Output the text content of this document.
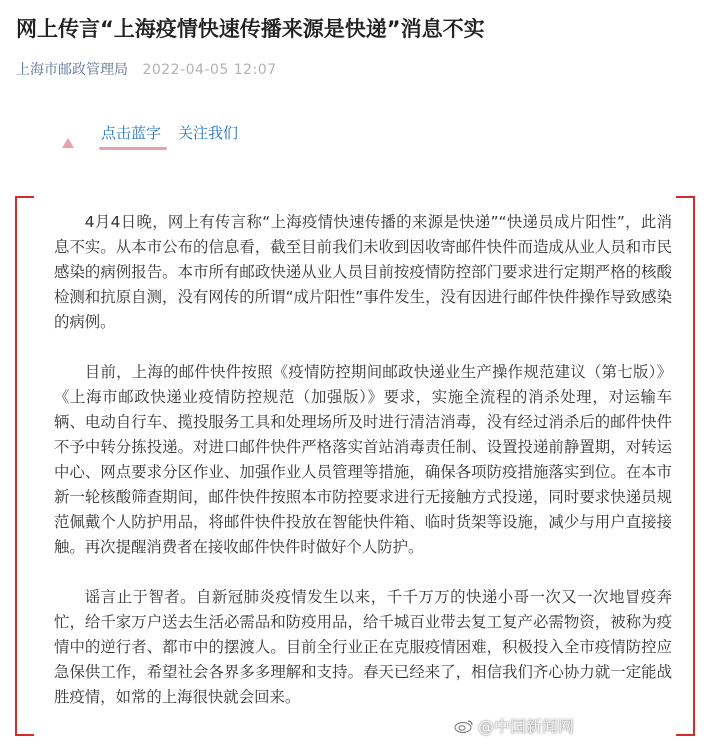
网上传言“上海疫情快速传播来源是快递”消息不实
上海市邮政管理局 2022-04-05 12:07
点击蓝字 关注我们

4月4日晚，网上有传言称“上海疫情快速传播的来源是快递”“快递员成片阳性”，此消息不实。从本市公布的信息看，截至目前我们未收到因收寄邮件快件而造成从业人员和市民感染的病例报告。本市所有邮政快递从业人员目前按疫情防控部门要求进行定期严格的核酸检测和抗原自测，没有网传的所谓“成片阳性”事件发生，没有因进行邮件快件操作导致感染的病例。

目前，上海的邮件快件按照《疫情防控期间邮政快递业生产操作规范建议（第七版）》《上海市邮政快递业疫情防控规范（加强版）》要求，实施全流程的消杀处理，对运输车辆、电动自行车、揽投服务工具和处理场所及时进行清洁消毒，没有经过消杀后的邮件快件不予中转分拣投递。对进口邮件快件严格落实首站消毒责任制、设置投递前静置期，对转运中心、网点要求分区作业、加强作业人员管理等措施，确保各项防疫措施落实到位。在本市新一轮核酸筛查期间，邮件快件按照本市防控要求进行无接触方式投递，同时要求快递员规范佩戴个人防护用品，将邮件快件投放在智能快件箱、临时货架等设施，减少与用户直接接触。再次提醒消费者在接收邮件快件时做好个人防护。

谣言止于智者。自新冠肺炎疫情发生以来，千千万万的快递小哥一次又一次地冒疫奔忙，给千家万户送去生活必需品和防疫用品，给千城百业带去复工复产必需物资，被称为疫情中的逆行者、都市中的摆渡人。目前全行业正在克服疫情困难，积极投入全市疫情防控应急保供工作，希望社会各界多多理解和支持。春天已经来了，相信我们齐心协力就一定能战胜疫情，如常的上海很快就会回来。

@中国新闻网
